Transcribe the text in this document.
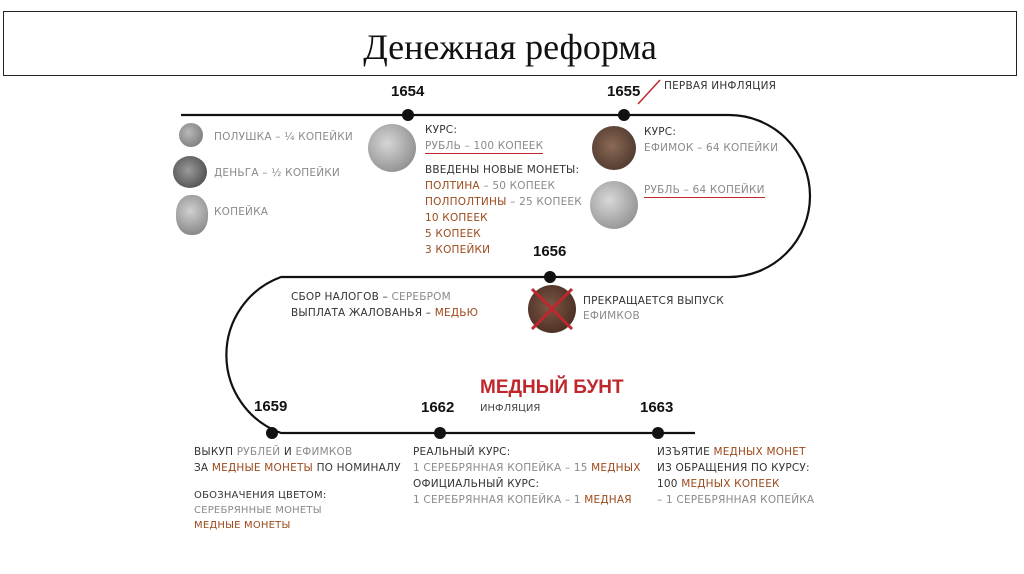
Денежная реформа
1654	1655
1656
1659	1662	1663
ПЕРВАЯ ИНФЛЯЦИЯ
ПОЛУШКА – ¼ КОПЕЙКИ
ДЕНЬГА – ½ КОПЕЙКИ
КОПЕЙКА
КУРС:
РУБЛЬ – 100 КОПЕЕК
ВВЕДЕНЫ НОВЫЕ МОНЕТЫ:
ПОЛТИНА – 50 КОПЕЕК
ПОЛПОЛТИНЫ – 25 КОПЕЕК
10 КОПЕЕК
5 КОПЕЕК
3 КОПЕЙКИ
КУРС:
ЕФИМОК – 64 КОПЕЙКИ
РУБЛЬ – 64 КОПЕЙКИ
СБОР НАЛОГОВ – СЕРЕБРОМ
ВЫПЛАТА ЖАЛОВАНЬЯ – МЕДЬЮ
ПРЕКРАЩАЕТСЯ ВЫПУСК
ЕФИМКОВ
МЕДНЫЙ БУНТ
ИНФЛЯЦИЯ
ВЫКУП РУБЛЕЙ И ЕФИМКОВ
ЗА МЕДНЫЕ МОНЕТЫ ПО НОМИНАЛУ
ОБОЗНАЧЕНИЯ ЦВЕТОМ:
СЕРЕБРЯННЫЕ МОНЕТЫ
МЕДНЫЕ МОНЕТЫ
РЕАЛЬНЫЙ КУРС:
1 СЕРЕБРЯННАЯ КОПЕЙКА – 15 МЕДНЫХ
ОФИЦИАЛЬНЫЙ КУРС:
1 СЕРЕБРЯННАЯ КОПЕЙКА – 1 МЕДНАЯ
ИЗЪЯТИЕ МЕДНЫХ МОНЕТ
ИЗ ОБРАЩЕНИЯ ПО КУРСУ:
100 МЕДНЫХ КОПЕЕК
– 1 СЕРЕБРЯННАЯ КОПЕЙКА
